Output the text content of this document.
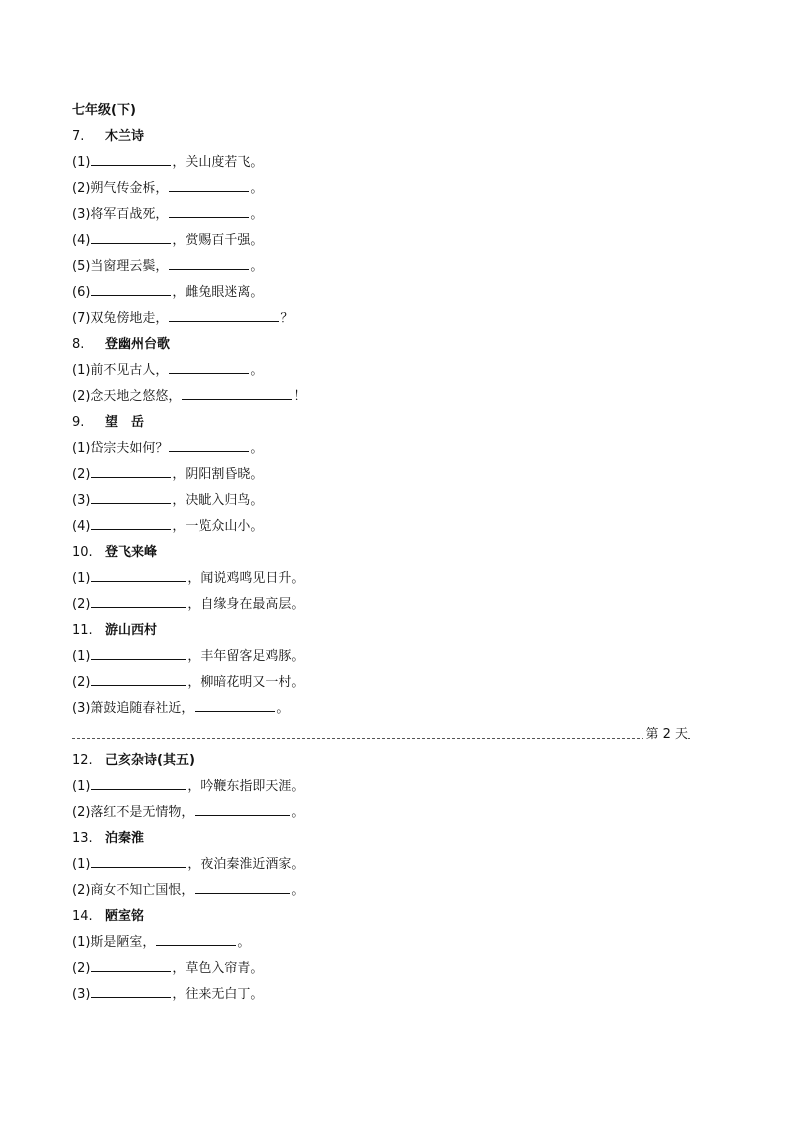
七年级(下)
7.	木兰诗
(1)	，关山度若飞。
(2)朔气传金柝，	。
(3)将军百战死，	。
(4)	，赏赐百千强。
(5)当窗理云鬓，	。
(6)	，雌兔眼迷离。
(7)双兔傍地走，	？
8.	登幽州台歌
(1)前不见古人，	。
(2)念天地之悠悠，	！
9.	望　岳
(1)岱宗夫如何？	。
(2)	，阴阳割昏晓。
(3)	，决眦入归鸟。
(4)	，一览众山小。
10. 登飞来峰
(1)	，闻说鸡鸣见日升。
(2)	，自缘身在最高层。
11. 游山西村
(1)	，丰年留客足鸡豚。
(2)	，柳暗花明又一村。
(3)箫鼓追随春社近，	。
第 2 天
12. 己亥杂诗(其五)
(1)	，吟鞭东指即天涯。
(2)落红不是无情物，	。
13. 泊秦淮
(1)	，夜泊秦淮近酒家。
(2)商女不知亡国恨，	。
14. 陋室铭
(1)斯是陋室，	。
(2)	，草色入帘青。
(3)	，往来无白丁。
